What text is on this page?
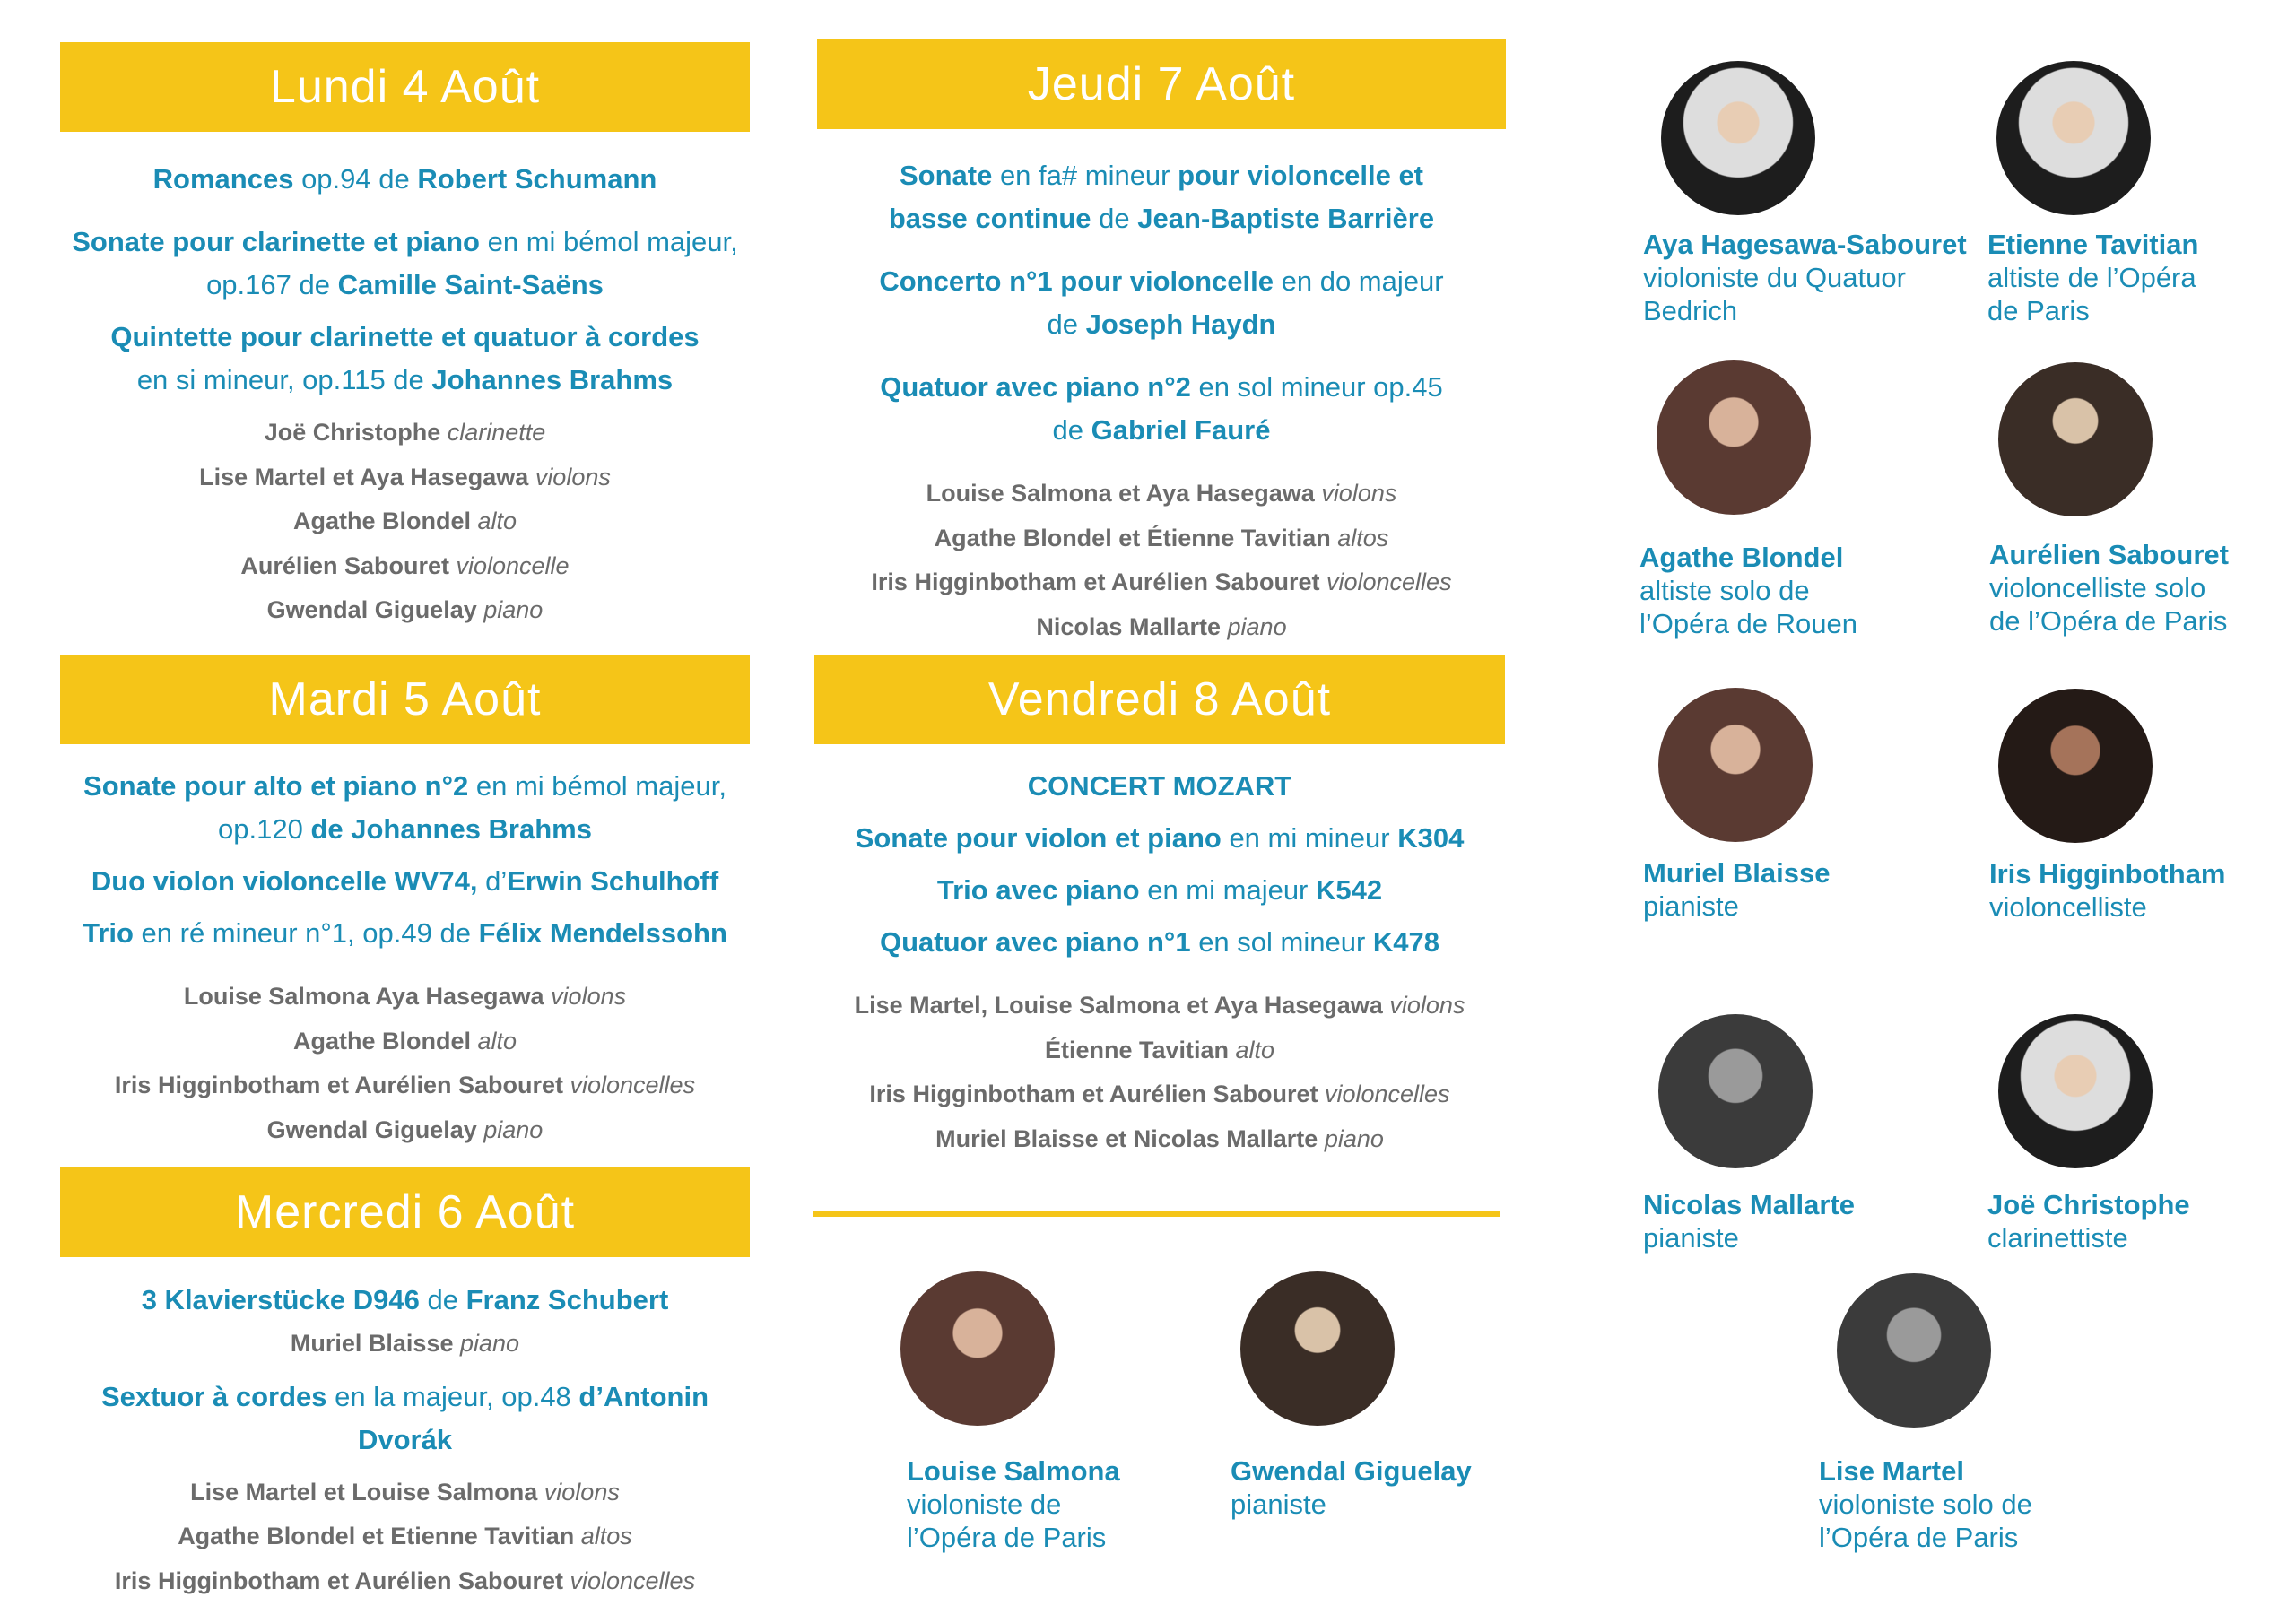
Lundi 4 Août

Romances op.94 de Robert Schumann

Sonate pour clarinette et piano en mi bémol majeur,

op.167 de Camille Saint-Saëns

Quintette pour clarinette et quatuor à cordes

en si mineur, op.115 de Johannes Brahms

Joë Christophe clarinette

Lise Martel et Aya Hasegawa violons

Agathe Blondel alto

Aurélien Sabouret violoncelle

Gwendal Giguelay piano

Mardi 5 Août

Sonate pour alto et piano n°2 en mi bémol majeur,

op.120 de Johannes Brahms

Duo violon violoncelle WV74, d’Erwin Schulhoff

Trio en ré mineur n°1, op.49 de Félix Mendelssohn

Louise Salmona Aya Hasegawa violons

Agathe Blondel alto

Iris Higginbotham et Aurélien Sabouret violoncelles

Gwendal Giguelay piano

Mercredi 6 Août

3 Klavierstücke D946 de Franz Schubert

Muriel Blaisse piano

Sextuor à cordes en la majeur, op.48 d’Antonin Dvorák

Lise Martel et Louise Salmona violons

Agathe Blondel et Etienne Tavitian altos

Iris Higginbotham et Aurélien Sabouret violoncelles

Jeudi 7 Août

Sonate en fa# mineur pour violoncelle et

basse continue de Jean-Baptiste Barrière

Concerto n°1 pour violoncelle en do majeur

de Joseph Haydn

Quatuor avec piano n°2 en sol mineur op.45

de Gabriel Fauré

Louise Salmona et Aya Hasegawa violons

Agathe Blondel et Étienne Tavitian altos

Iris Higginbotham et Aurélien Sabouret violoncelles

Nicolas Mallarte piano

Vendredi 8 Août

CONCERT MOZART

Sonate pour violon et piano en mi mineur K304

Trio avec piano en mi majeur K542

Quatuor avec piano n°1 en sol mineur K478

Lise Martel, Louise Salmona et Aya Hasegawa violons

Étienne Tavitian alto

Iris Higginbotham et Aurélien Sabouret violoncelles

Muriel Blaisse et Nicolas Mallarte piano

Aya Hagesawa-Sabouret
violoniste du Quatuor
Bedrich
Etienne Tavitian
altiste de l’Opéra
de Paris
Agathe Blondel
altiste solo de
l’Opéra de Rouen
Aurélien Sabouret
violoncelliste solo
de l’Opéra de Paris
Muriel Blaisse
pianiste
Iris Higginbotham
violoncelliste
Nicolas Mallarte
pianiste
Joë Christophe
clarinettiste
Lise Martel
violoniste solo de
l’Opéra de Paris
Louise Salmona
violoniste de
l’Opéra de Paris
Gwendal Giguelay
pianiste
